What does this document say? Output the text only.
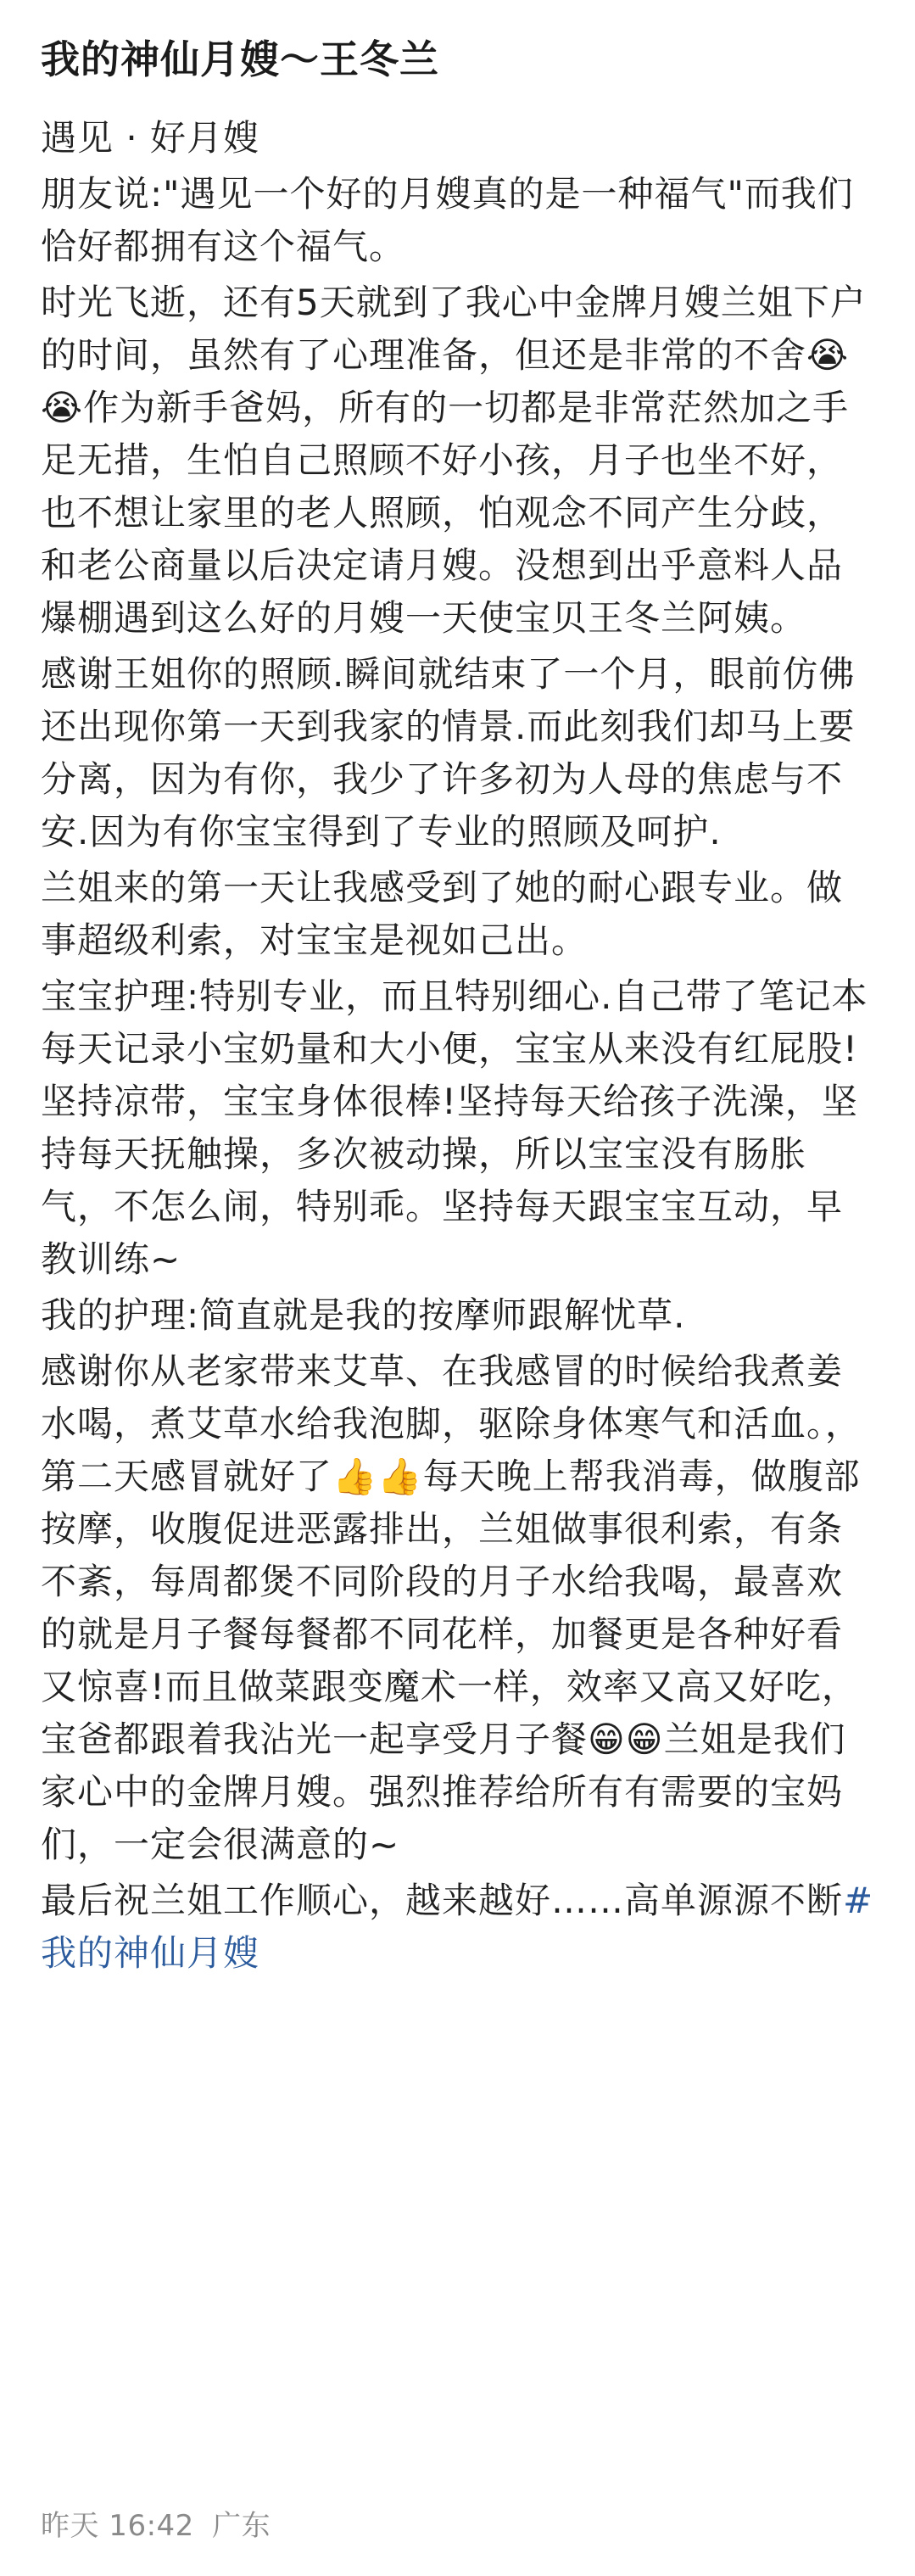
我的神仙月嫂～王冬兰

遇见 · 好月嫂

朋友说:"遇见一个好的月嫂真的是一种福气"而我们恰好都拥有这个福气。

时光飞逝，还有5天就到了我心中金牌月嫂兰姐下户的时间，虽然有了心理准备，但还是非常的不舍😭😭作为新手爸妈，所有的一切都是非常茫然加之手足无措，生怕自己照顾不好小孩，月子也坐不好，也不想让家里的老人照顾，怕观念不同产生分歧，和老公商量以后决定请月嫂。没想到出乎意料人品爆棚遇到这么好的月嫂一天使宝贝王冬兰阿姨。

感谢王姐你的照顾.瞬间就结束了一个月，眼前仿佛还出现你第一天到我家的情景.而此刻我们却马上要分离，因为有你，我少了许多初为人母的焦虑与不安.因为有你宝宝得到了专业的照顾及呵护.

兰姐来的第一天让我感受到了她的耐心跟专业。做事超级利索，对宝宝是视如己出。

宝宝护理:特别专业，而且特别细心.自己带了笔记本每天记录小宝奶量和大小便，宝宝从来没有红屁股!坚持凉带，宝宝身体很棒!坚持每天给孩子洗澡，坚持每天抚触操，多次被动操，所以宝宝没有肠胀气，不怎么闹，特别乖。坚持每天跟宝宝互动，早教训练~

我的护理:简直就是我的按摩师跟解忧草.

感谢你从老家带来艾草、在我感冒的时候给我煮姜水喝，煮艾草水给我泡脚，驱除身体寒气和活血。，第二天感冒就好了👍👍每天晚上帮我消毒，做腹部按摩，收腹促进恶露排出，兰姐做事很利索，有条不紊，每周都煲不同阶段的月子水给我喝，最喜欢的就是月子餐每餐都不同花样，加餐更是各种好看又惊喜!而且做菜跟变魔术一样，效率又高又好吃，宝爸都跟着我沾光一起享受月子餐😁😁兰姐是我们家心中的金牌月嫂。强烈推荐给所有有需要的宝妈们，一定会很满意的~

最后祝兰姐工作顺心，越来越好……高单源源不断#我的神仙月嫂

昨天 16:42 广东
